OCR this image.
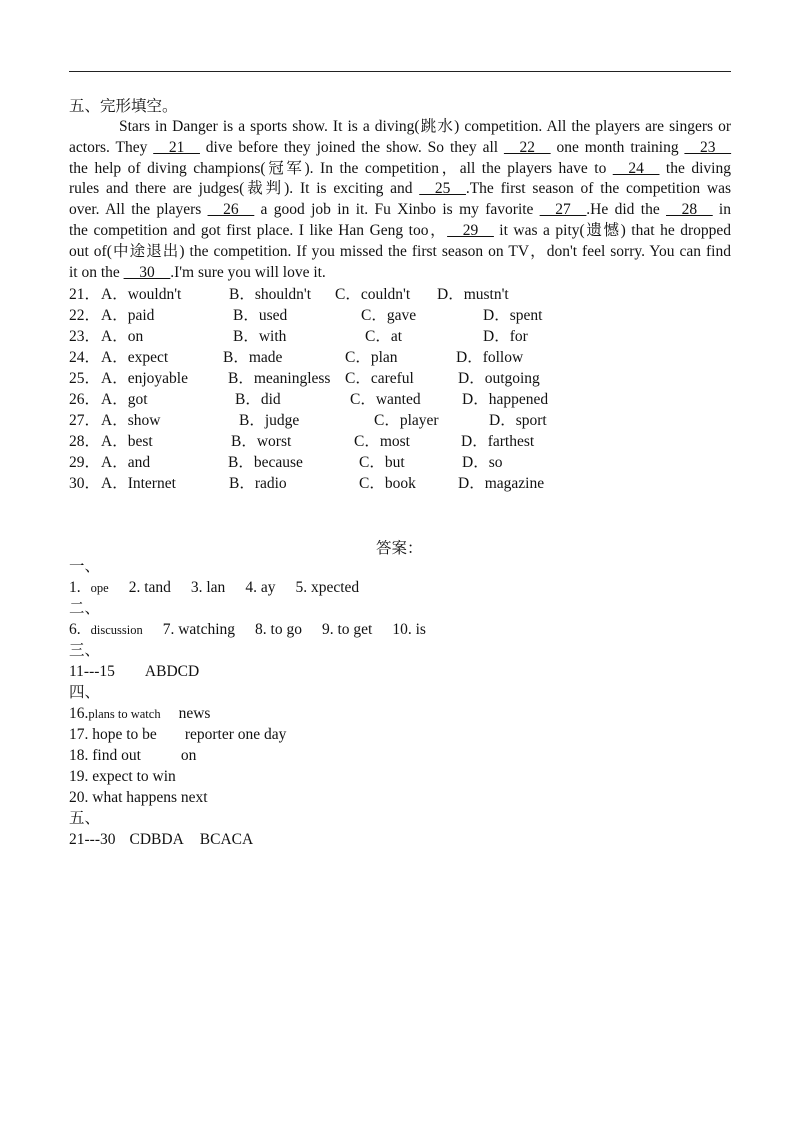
五、完形填空。
Stars in Danger is a sports show. It is a diving(跳水) competition. All the players are singers or
actors. They __21__ dive before they joined the show. So they all __22__ one month training __23__
the help of diving champions(冠军). In the competition，all the players have to __24__ the diving
rules and there are judges(裁判). It is exciting and __25__.The first season of the competition was
over. All the players __26__ a good job in it. Fu Xinbo is my favorite __27__.He did the __28__ in
the competition and got first place. I like Han Geng too，__29__ it was a pity(遗憾) that he dropped
out of(中途退出) the competition. If you missed the first season on TV，don't feel sorry. You can find
it on the __30__.I'm sure you will love it.
21． A．wouldn't	B．shouldn't C．couldn't D．mustn't
22． A．paid	B．used	C．gave	D．spent
23． A．on	B．with	C．at	D．for
24． A．expect	B．made	C．plan	D．follow
25． A．enjoyable	B．meaningless C．careful	D．outgoing
26． A．got	B．did	C．wanted	D．happened
27． A．show	B．judge	C．player	D．sport
28． A．best	B．worst	C．most	D．farthest
29． A．and	B．because	C．but	D．so
30． A．Internet	B．radio	C．book	D．magazine
答案：
一、
1.ope 2. tand 3. lan 4. ay 5. xpected
二、
6.discussion 7. watching 8. to go 9. to get 10. is
三、
11---15 ABDCD
四、
16.plans to watch news
17. hope to be reporter one day
18. find out	on
19. expect to win
20. what happens next
五、
21---30 CDBDA BCACA
